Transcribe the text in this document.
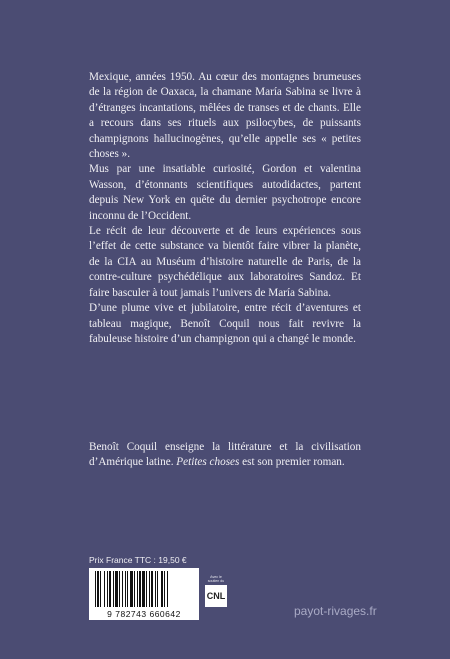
Mexique, années 1950. Au cœur des montagnes brumeuses de la région de Oaxaca, la chamane María Sabina se livre à d’étranges incantations, mêlées de transes et de chants. Elle a recours dans ses rituels aux psilocybes, de puissants champignons hallucinogènes, qu’elle appelle ses « petites choses ».

Mus par une insatiable curiosité, Gordon et valentina Wasson, d’étonnants scientifiques autodidactes, partent depuis New York en quête du dernier psychotrope encore inconnu de l’Occident.

Le récit de leur découverte et de leurs expériences sous l’effet de cette substance va bientôt faire vibrer la planète, de la CIA au Muséum d’histoire naturelle de Paris, de la contre-culture psychédélique aux laboratoires Sandoz. Et faire basculer à tout jamais l’univers de María Sabina.

D’une plume vive et jubilatoire, entre récit d’aventures et tableau magique, Benoît Coquil nous fait revivre la fabuleuse histoire d’un champignon qui a changé le monde.

Benoît Coquil enseigne la littérature et la civilisation d’Amérique latine. Petites choses est son premier roman.

Prix France TTC : 19,50 €
9 782743 660642
Avec le soutien du
CNL
payot-rivages.fr
